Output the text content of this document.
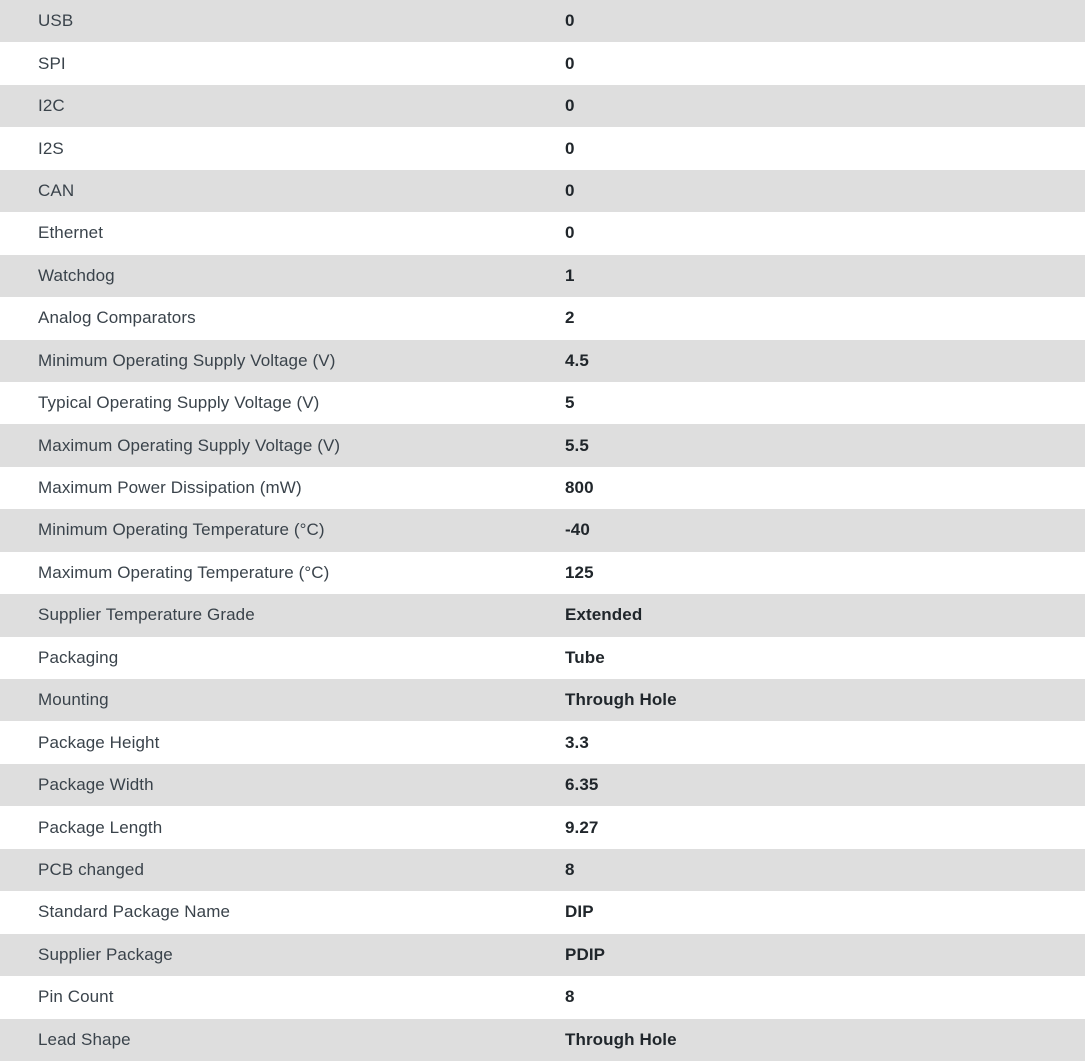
USB	0
SPI	0
I2C	0
I2S	0
CAN	0
Ethernet	0
Watchdog	1
Analog Comparators	2
Minimum Operating Supply Voltage (V)	4.5
Typical Operating Supply Voltage (V)	5
Maximum Operating Supply Voltage (V)	5.5
Maximum Power Dissipation (mW)	800
Minimum Operating Temperature (°C)	-40
Maximum Operating Temperature (°C)	125
Supplier Temperature Grade	Extended
Packaging	Tube
Mounting	Through Hole
Package Height	3.3
Package Width	6.35
Package Length	9.27
PCB changed	8
Standard Package Name	DIP
Supplier Package	PDIP
Pin Count	8
Lead Shape	Through Hole
